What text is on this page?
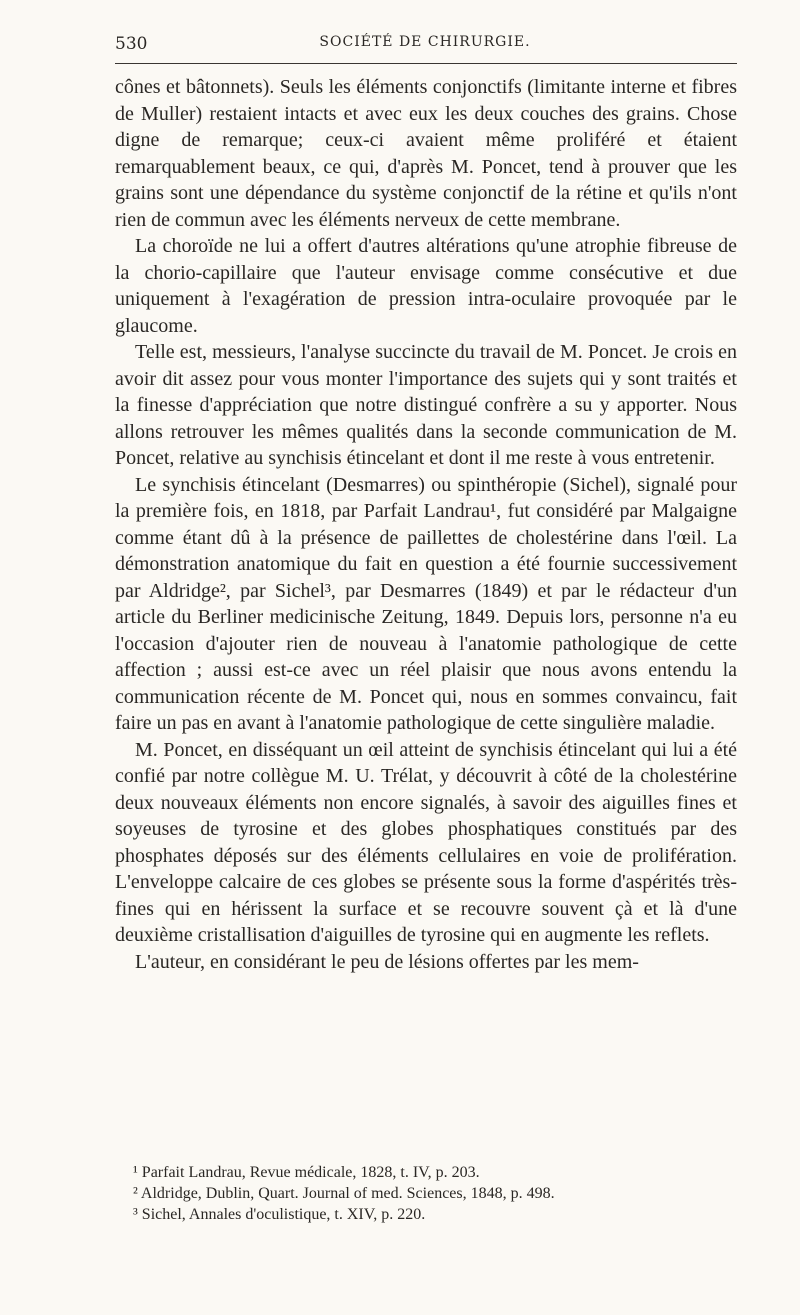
530	SOCIÉTÉ DE CHIRURGIE.

cônes et bâtonnets). Seuls les éléments conjonctifs (limitante interne et fibres de Muller) restaient intacts et avec eux les deux couches des grains. Chose digne de remarque; ceux-ci avaient même proliféré et étaient remarquablement beaux, ce qui, d'après M. Poncet, tend à prouver que les grains sont une dépendance du système conjonctif de la rétine et qu'ils n'ont rien de commun avec les éléments nerveux de cette membrane.

La choroïde ne lui a offert d'autres altérations qu'une atrophie fibreuse de la chorio-capillaire que l'auteur envisage comme consécutive et due uniquement à l'exagération de pression intra-oculaire provoquée par le glaucome.

Telle est, messieurs, l'analyse succincte du travail de M. Poncet. Je crois en avoir dit assez pour vous monter l'importance des sujets qui y sont traités et la finesse d'appréciation que notre distingué confrère a su y apporter. Nous allons retrouver les mêmes qualités dans la seconde communication de M. Poncet, relative au synchisis étincelant et dont il me reste à vous entretenir.

Le synchisis étincelant (Desmarres) ou spinthéropie (Sichel), signalé pour la première fois, en 1818, par Parfait Landrau¹, fut considéré par Malgaigne comme étant dû à la présence de paillettes de cholestérine dans l'œil. La démonstration anatomique du fait en question a été fournie successivement par Aldridge², par Sichel³, par Desmarres (1849) et par le rédacteur d'un article du Berliner medicinische Zeitung, 1849. Depuis lors, personne n'a eu l'occasion d'ajouter rien de nouveau à l'anatomie pathologique de cette affection ; aussi est-ce avec un réel plaisir que nous avons entendu la communication récente de M. Poncet qui, nous en sommes convaincu, fait faire un pas en avant à l'anatomie pathologique de cette singulière maladie.

M. Poncet, en disséquant un œil atteint de synchisis étincelant qui lui a été confié par notre collègue M. U. Trélat, y découvrit à côté de la cholestérine deux nouveaux éléments non encore signalés, à savoir des aiguilles fines et soyeuses de tyrosine et des globes phosphatiques constitués par des phosphates déposés sur des éléments cellulaires en voie de prolifération. L'enveloppe calcaire de ces globes se présente sous la forme d'aspérités très-fines qui en hérissent la surface et se recouvre souvent çà et là d'une deuxième cristallisation d'aiguilles de tyrosine qui en augmente les reflets.

L'auteur, en considérant le peu de lésions offertes par les mem-

¹ Parfait Landrau, Revue médicale, 1828, t. IV, p. 203.
² Aldridge, Dublin, Quart. Journal of med. Sciences, 1848, p. 498.
³ Sichel, Annales d'oculistique, t. XIV, p. 220.
